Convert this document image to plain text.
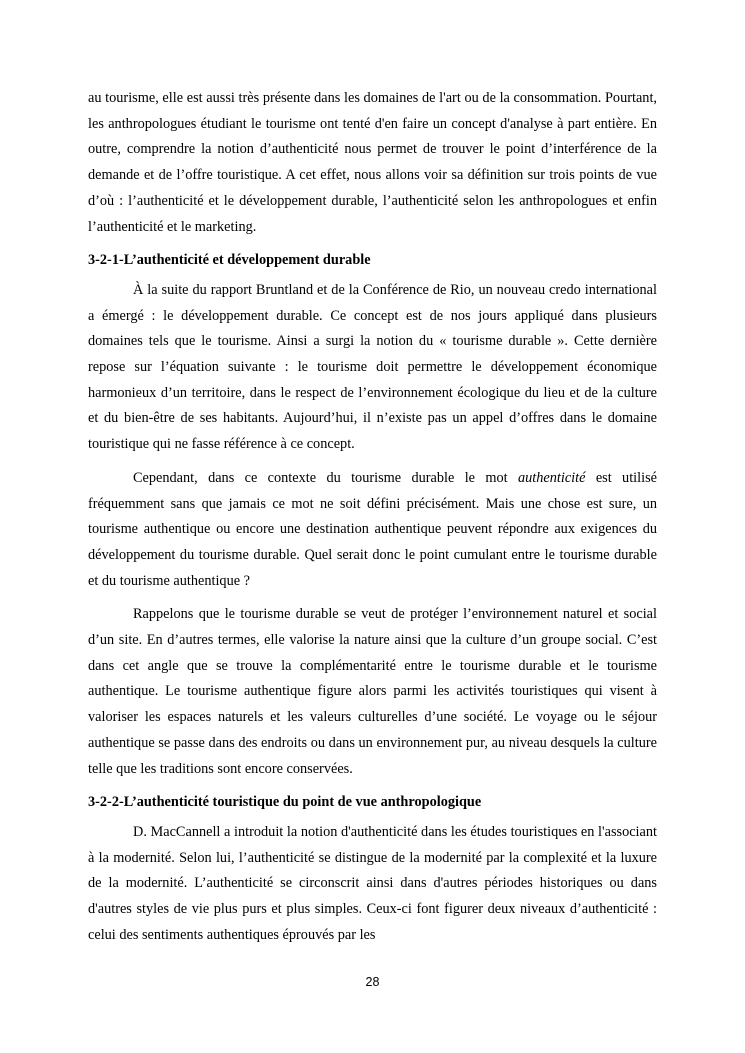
au tourisme, elle est aussi très présente dans les domaines de l'art ou de la consommation. Pourtant, les anthropologues étudiant le tourisme ont tenté d'en faire un concept d'analyse à part entière. En outre, comprendre la notion d’authenticité nous permet de trouver le point d’interférence de la demande et de l’offre touristique. A cet effet, nous allons voir sa définition sur trois points de vue d’où : l’authenticité et le développement durable, l’authenticité selon les anthropologues et enfin l’authenticité et le marketing.

3-2-1-L’authenticité et développement durable

À la suite du rapport Bruntland et de la Conférence de Rio, un nouveau credo international a émergé : le développement durable. Ce concept est de nos jours appliqué dans plusieurs domaines tels que le tourisme. Ainsi a surgi la notion du « tourisme durable ». Cette dernière repose sur l’équation suivante : le tourisme doit permettre le développement économique harmonieux d’un territoire, dans le respect de l’environnement écologique du lieu et de la culture et du bien-être de ses habitants. Aujourd’hui, il n’existe pas un appel d’offres dans le domaine touristique qui ne fasse référence à ce concept.

Cependant, dans ce contexte du tourisme durable le mot authenticité est utilisé fréquemment sans que jamais ce mot ne soit défini précisément. Mais une chose est sure, un tourisme authentique ou encore une destination authentique peuvent répondre aux exigences du développement du tourisme durable. Quel serait donc le point cumulant entre le tourisme durable et du tourisme authentique ?

Rappelons que le tourisme durable se veut de protéger l’environnement naturel et social d’un site. En d’autres termes, elle valorise la nature ainsi que la culture d’un groupe social. C’est dans cet angle que se trouve la complémentarité entre le tourisme durable et le tourisme authentique. Le tourisme authentique figure alors parmi les activités touristiques qui visent à valoriser les espaces naturels et les valeurs culturelles d’une société. Le voyage ou le séjour authentique se passe dans des endroits ou dans un environnement pur, au niveau desquels la culture telle que les traditions sont encore conservées.

3-2-2-L’authenticité touristique du point de vue anthropologique

D. MacCannell a introduit la notion d'authenticité dans les études touristiques en l'associant à la modernité. Selon lui, l’authenticité se distingue de la modernité par la complexité et la luxure de la modernité. L’authenticité se circonscrit ainsi dans d'autres périodes historiques ou dans d'autres styles de vie plus purs et plus simples. Ceux-ci font figurer deux niveaux d’authenticité : celui des sentiments authentiques éprouvés par les

28
